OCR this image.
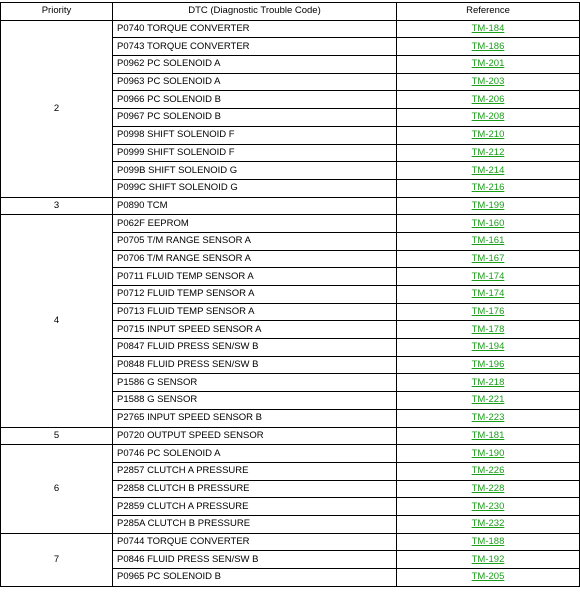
Priority	DTC (Diagnostic Trouble Code)	Reference
2	P0740 TORQUE CONVERTER	TM-184
	P0743 TORQUE CONVERTER	TM-186
	P0962 PC SOLENOID A	TM-201
	P0963 PC SOLENOID A	TM-203
	P0966 PC SOLENOID B	TM-206
	P0967 PC SOLENOID B	TM-208
	P0998 SHIFT SOLENOID F	TM-210
	P0999 SHIFT SOLENOID F	TM-212
	P099B SHIFT SOLENOID G	TM-214
	P099C SHIFT SOLENOID G	TM-216
3	P0890 TCM	TM-199
4	P062F EEPROM	TM-160
	P0705 T/M RANGE SENSOR A	TM-161
	P0706 T/M RANGE SENSOR A	TM-167
	P0711 FLUID TEMP SENSOR A	TM-174
	P0712 FLUID TEMP SENSOR A	TM-174
	P0713 FLUID TEMP SENSOR A	TM-176
	P0715 INPUT SPEED SENSOR A	TM-178
	P0847 FLUID PRESS SEN/SW B	TM-194
	P0848 FLUID PRESS SEN/SW B	TM-196
	P1586 G SENSOR	TM-218
	P1588 G SENSOR	TM-221
	P2765 INPUT SPEED SENSOR B	TM-223
5	P0720 OUTPUT SPEED SENSOR	TM-181
6	P0746 PC SOLENOID A	TM-190
	P2857 CLUTCH A PRESSURE	TM-226
	P2858 CLUTCH B PRESSURE	TM-228
	P2859 CLUTCH A PRESSURE	TM-230
	P285A CLUTCH B PRESSURE	TM-232
7	P0744 TORQUE CONVERTER	TM-188
	P0846 FLUID PRESS SEN/SW B	TM-192
	P0965 PC SOLENOID B	TM-205
